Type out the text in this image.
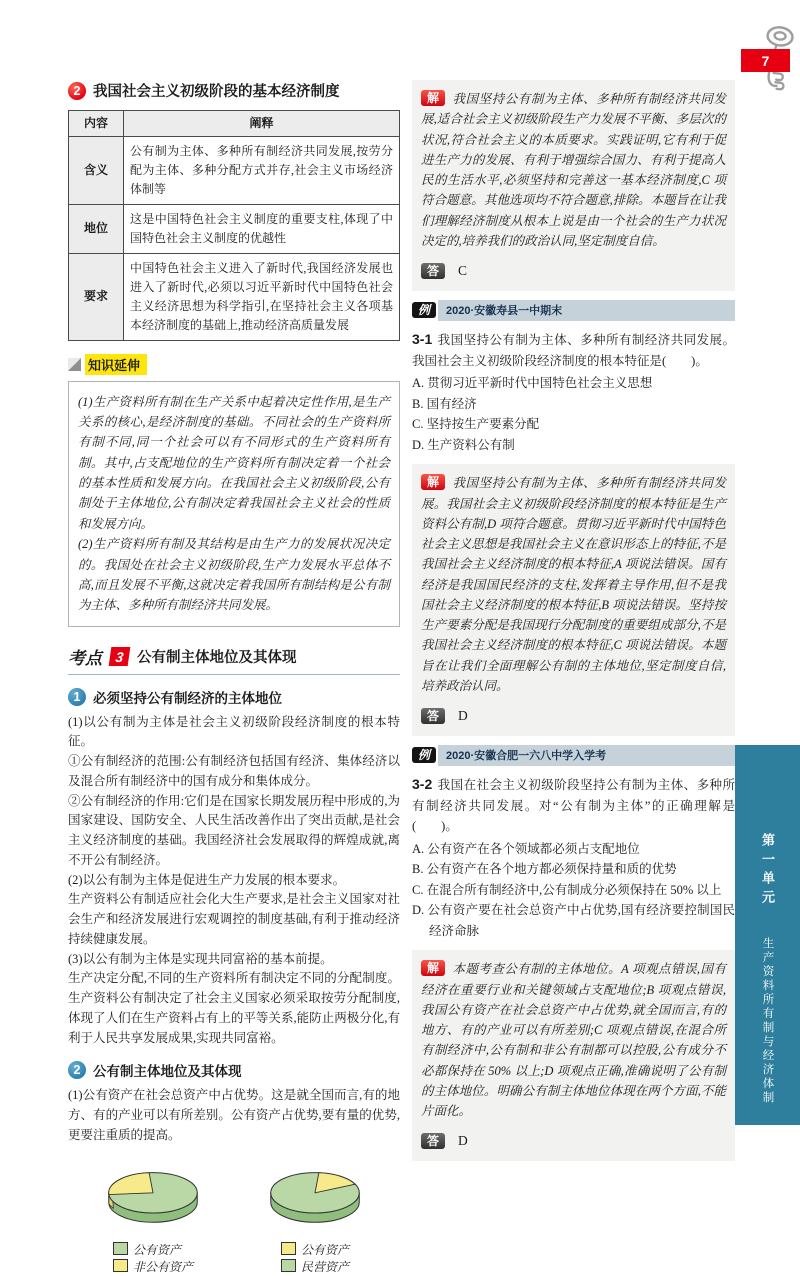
7
第一单元
生产资料所有制与经济体制
2 我国社会主义初级阶段的基本经济制度
内容	阐释
含义	公有制为主体、多种所有制经济共同发展,按劳分配为主体、多种分配方式并存,社会主义市场经济体制等
地位	这是中国特色社会主义制度的重要支柱,体现了中国特色社会主义制度的优越性
要求	中国特色社会主义进入了新时代,我国经济发展也进入了新时代,必须以习近平新时代中国特色社会主义经济思想为科学指引,在坚持社会主义各项基本经济制度的基础上,推动经济高质量发展
知识延伸

(1)生产资料所有制在生产关系中起着决定性作用,是生产关系的核心,是经济制度的基础。不同社会的生产资料所有制不同,同一个社会可以有不同形式的生产资料所有制。其中,占支配地位的生产资料所有制决定着一个社会的基本性质和发展方向。在我国社会主义初级阶段,公有制处于主体地位,公有制决定着我国社会主义社会的性质和发展方向。

(2)生产资料所有制及其结构是由生产力的发展状况决定的。我国处在社会主义初级阶段,生产力发展水平总体不高,而且发展不平衡,这就决定着我国所有制结构是公有制为主体、多种所有制经济共同发展。

考点 3 公有制主体地位及其体现
1 必须坚持公有制经济的主体地位

(1)以公有制为主体是社会主义初级阶段经济制度的根本特征。

①公有制经济的范围:公有制经济包括国有经济、集体经济以及混合所有制经济中的国有成分和集体成分。

②公有制经济的作用:它们是在国家长期发展历程中形成的,为国家建设、国防安全、人民生活改善作出了突出贡献,是社会主义经济制度的基础。我国经济社会发展取得的辉煌成就,离不开公有制经济。

(2)以公有制为主体是促进生产力发展的根本要求。

生产资料公有制适应社会化大生产要求,是社会主义国家对社会生产和经济发展进行宏观调控的制度基础,有利于推动经济持续健康发展。

(3)以公有制为主体是实现共同富裕的基本前提。

生产决定分配,不同的生产资料所有制决定不同的分配制度。生产资料公有制决定了社会主义国家必须采取按劳分配制度,体现了人们在生产资料占有上的平等关系,能防止两极分化,有利于人民共享发展成果,实现共同富裕。

2 公有制主体地位及其体现

(1)公有资产在社会总资产中占优势。这是就全国而言,有的地方、有的产业可以有所差别。公有资产占优势,要有量的优势,更要注重质的提高。

公有资产
非公有资产
公有资产
民营资产

解 我国坚持公有制为主体、多种所有制经济共同发展,适合社会主义初级阶段生产力发展不平衡、多层次的状况,符合社会主义的本质要求。实践证明,它有利于促进生产力的发展、有利于增强综合国力、有利于提高人民的生活水平,必须坚持和完善这一基本经济制度,C 项符合题意。其他选项均不符合题意,排除。本题旨在让我们理解经济制度从根本上说是由一个社会的生产力状况决定的,培养我们的政治认同,坚定制度自信。

答	C
例	2020·安徽寿县一中期末

3-1 我国坚持公有制为主体、多种所有制经济共同发展。我国社会主义初级阶段经济制度的根本特征是(　　)。

A. 贯彻习近平新时代中国特色社会主义思想

B. 国有经济

C. 坚持按生产要素分配

D. 生产资料公有制

解 我国坚持公有制为主体、多种所有制经济共同发展。我国社会主义初级阶段经济制度的根本特征是生产资料公有制,D 项符合题意。贯彻习近平新时代中国特色社会主义思想是我国社会主义在意识形态上的特征,不是我国社会主义经济制度的根本特征,A 项说法错误。国有经济是我国国民经济的支柱,发挥着主导作用,但不是我国社会主义经济制度的根本特征,B 项说法错误。坚持按生产要素分配是我国现行分配制度的重要组成部分,不是我国社会主义经济制度的根本特征,C 项说法错误。本题旨在让我们全面理解公有制的主体地位,坚定制度自信,培养政治认同。

答	D
例	2020·安徽合肥一六八中学入学考

3-2 我国在社会主义初级阶段坚持公有制为主体、多种所有制经济共同发展。对“公有制为主体”的正确理解是(　　)。

A. 公有资产在各个领域都必须占支配地位

B. 公有资产在各个地方都必须保持量和质的优势

C. 在混合所有制经济中,公有制成分必须保持在 50% 以上

D. 公有资产要在社会总资产中占优势,国有经济要控制国民经济命脉

解 本题考查公有制的主体地位。A 项观点错误,国有经济在重要行业和关键领域占支配地位;B 项观点错误,我国公有资产在社会总资产中占优势,就全国而言,有的地方、有的产业可以有所差别;C 项观点错误,在混合所有制经济中,公有制和非公有制都可以控股,公有成分不必都保持在 50% 以上;D 项观点正确,准确说明了公有制的主体地位。明确公有制主体地位体现在两个方面,不能片面化。

答	D
